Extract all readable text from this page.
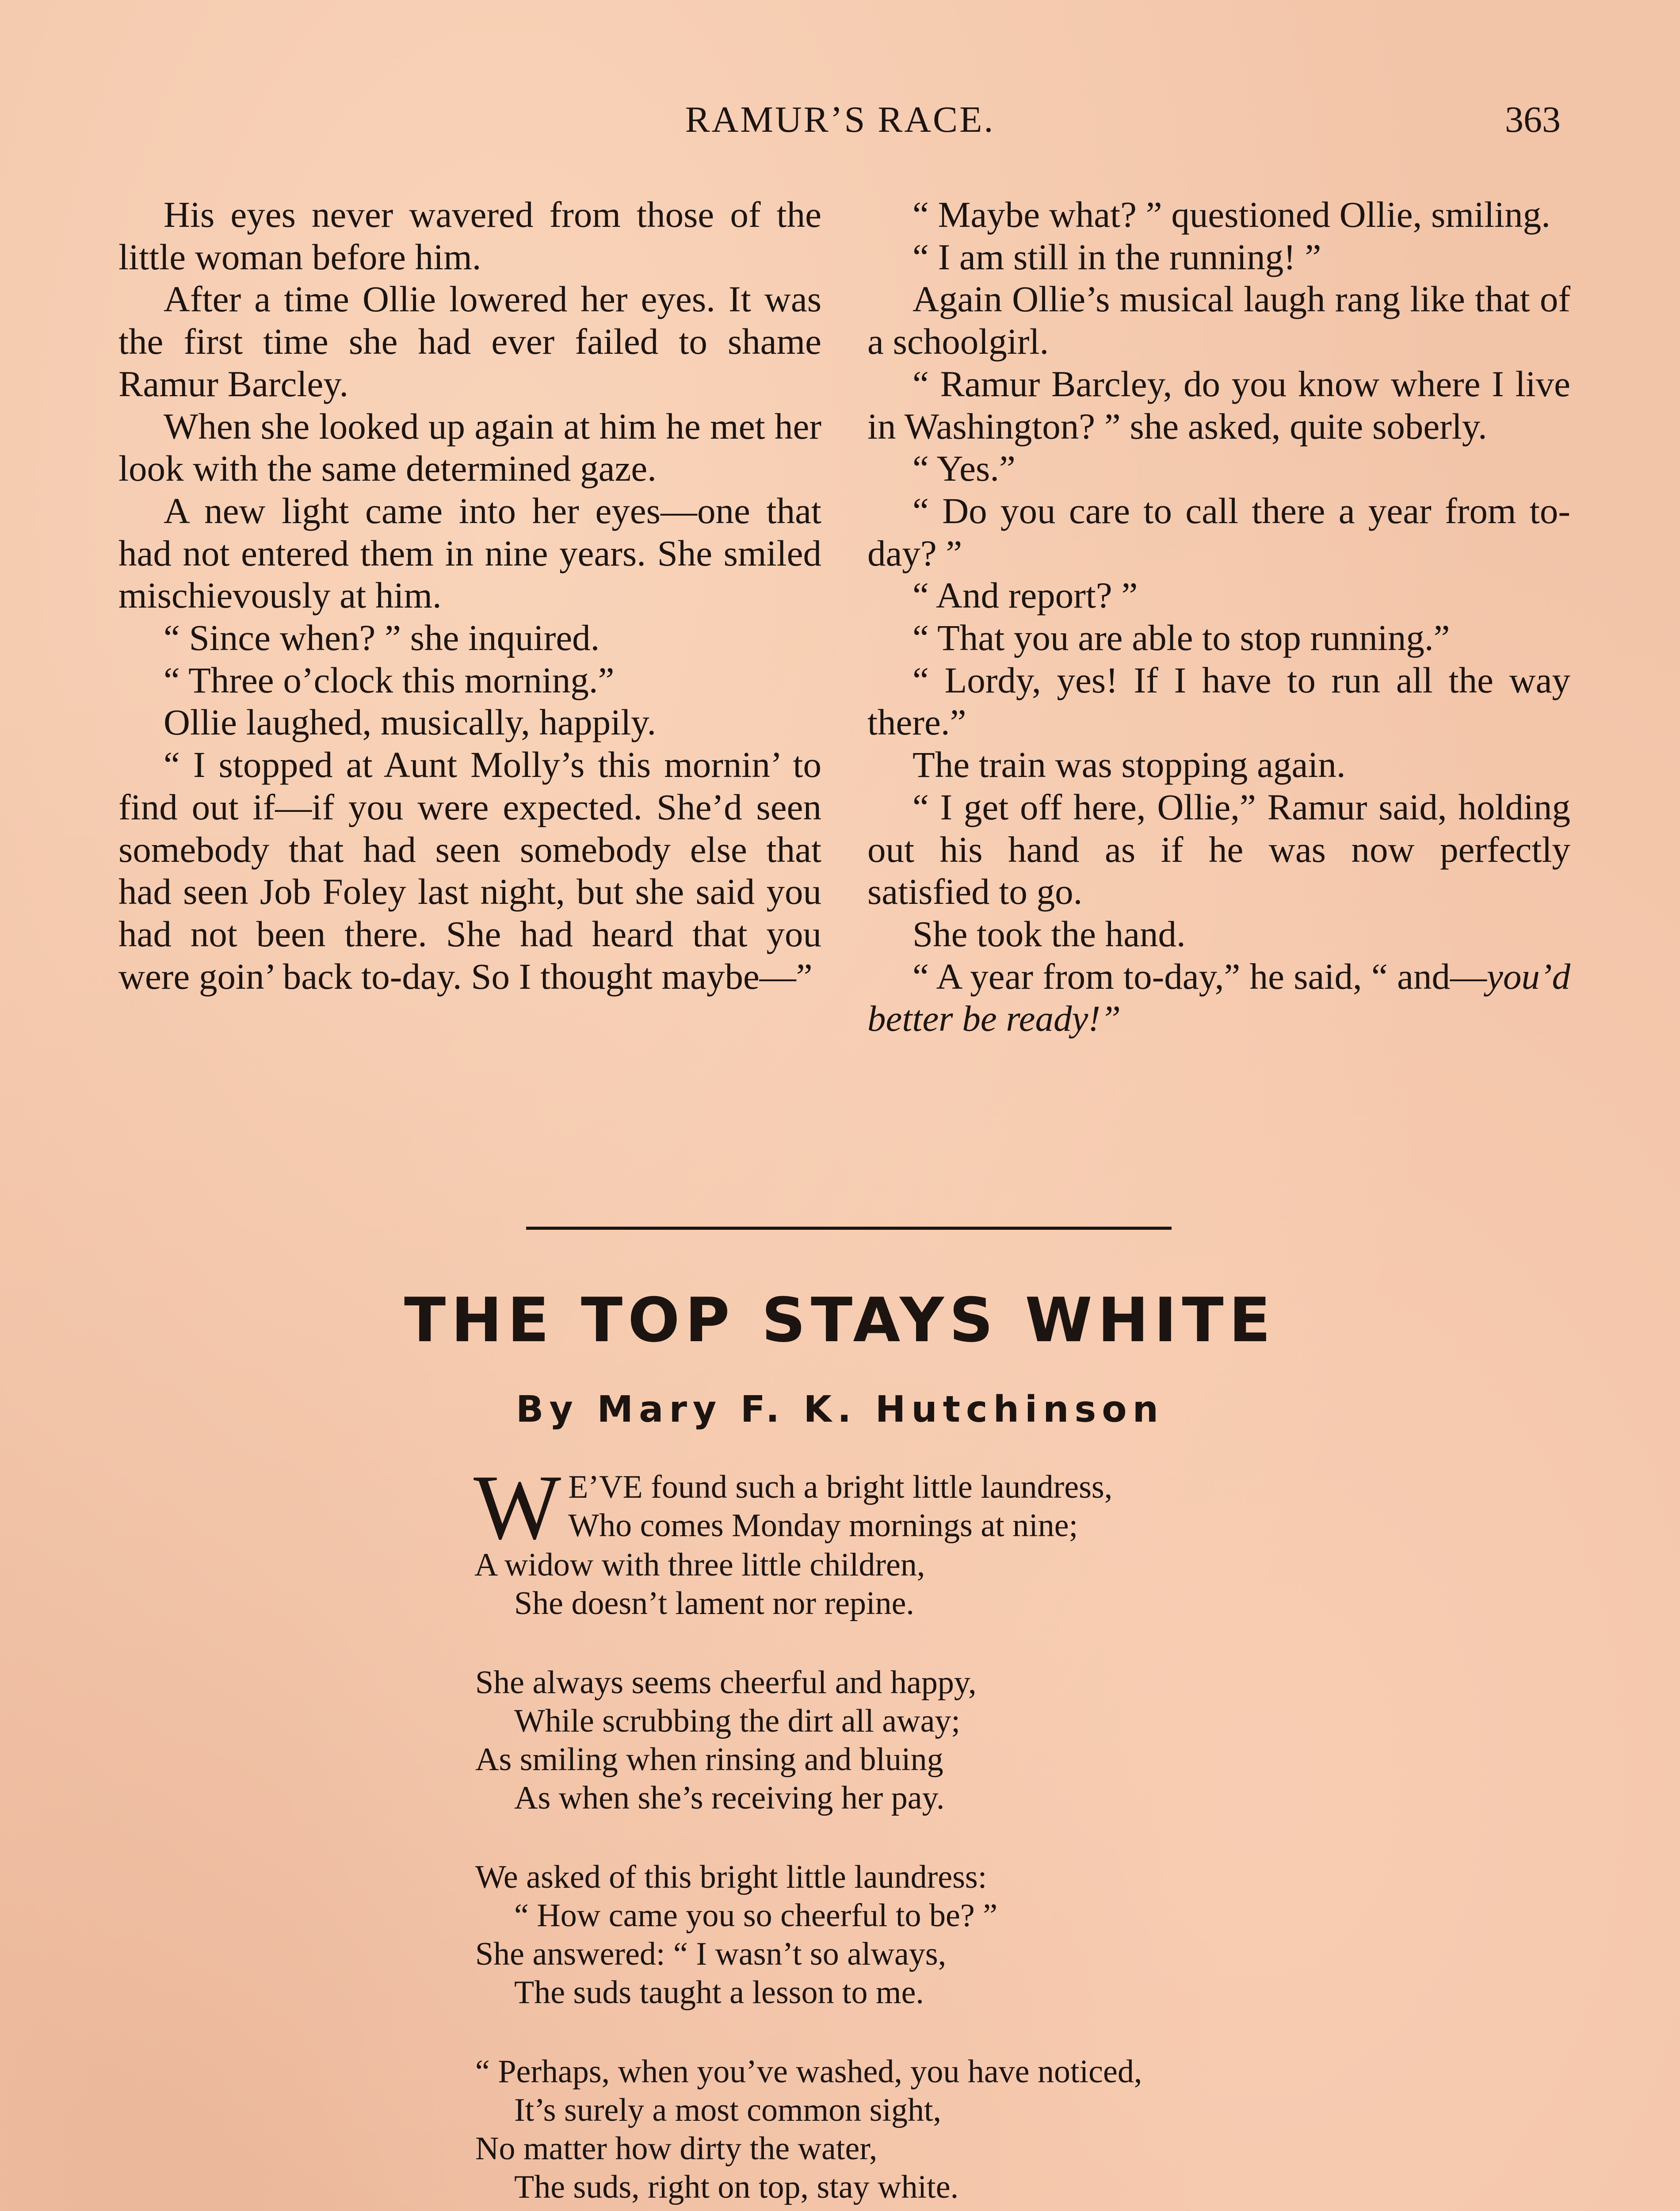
RAMUR’S RACE.	363

His eyes never wavered from those of the little woman before him.

After a time Ollie lowered her eyes. It was the first time she had ever failed to shame Ramur Barcley.

When she looked up again at him he met her look with the same determined gaze.

A new light came into her eyes—one that had not entered them in nine years. She smiled mischievously at him.

“ Since when? ” she inquired.

“ Three o’clock this morning.”

Ollie laughed, musically, happily.

“ I stopped at Aunt Molly’s this mornin’ to find out if—if you were expected. She’d seen somebody that had seen somebody else that had seen Job Foley last night, but she said you had not been there. She had heard that you were goin’ back to-day. So I thought maybe—”

“ Maybe what? ” questioned Ollie, smiling.

“ I am still in the running! ”

Again Ollie’s musical laugh rang like that of a schoolgirl.

“ Ramur Barcley, do you know where I live in Washington? ” she asked, quite soberly.

“ Yes.”

“ Do you care to call there a year from to-day? ”

“ And report? ”

“ That you are able to stop running.”

“ Lordy, yes! If I have to run all the way there.”

The train was stopping again.

“ I get off here, Ollie,” Ramur said, holding out his hand as if he was now perfectly satisfied to go.

She took the hand.

“ A year from to-day,” he said, “ and—you’d better be ready!”

THE TOP STAYS WHITE
By Mary F. K. Hutchinson
W E’VE found such a bright little laundress,
Who comes Monday mornings at nine;
A widow with three little children,
She doesn’t lament nor repine.
She always seems cheerful and happy,
While scrubbing the dirt all away;
As smiling when rinsing and bluing
As when she’s receiving her pay.
We asked of this bright little laundress:
“ How came you so cheerful to be? ”
She answered: “ I wasn’t so always,
The suds taught a lesson to me.
“ Perhaps, when you’ve washed, you have noticed,
It’s surely a most common sight,
No matter how dirty the water,
The suds, right on top, stay white.
